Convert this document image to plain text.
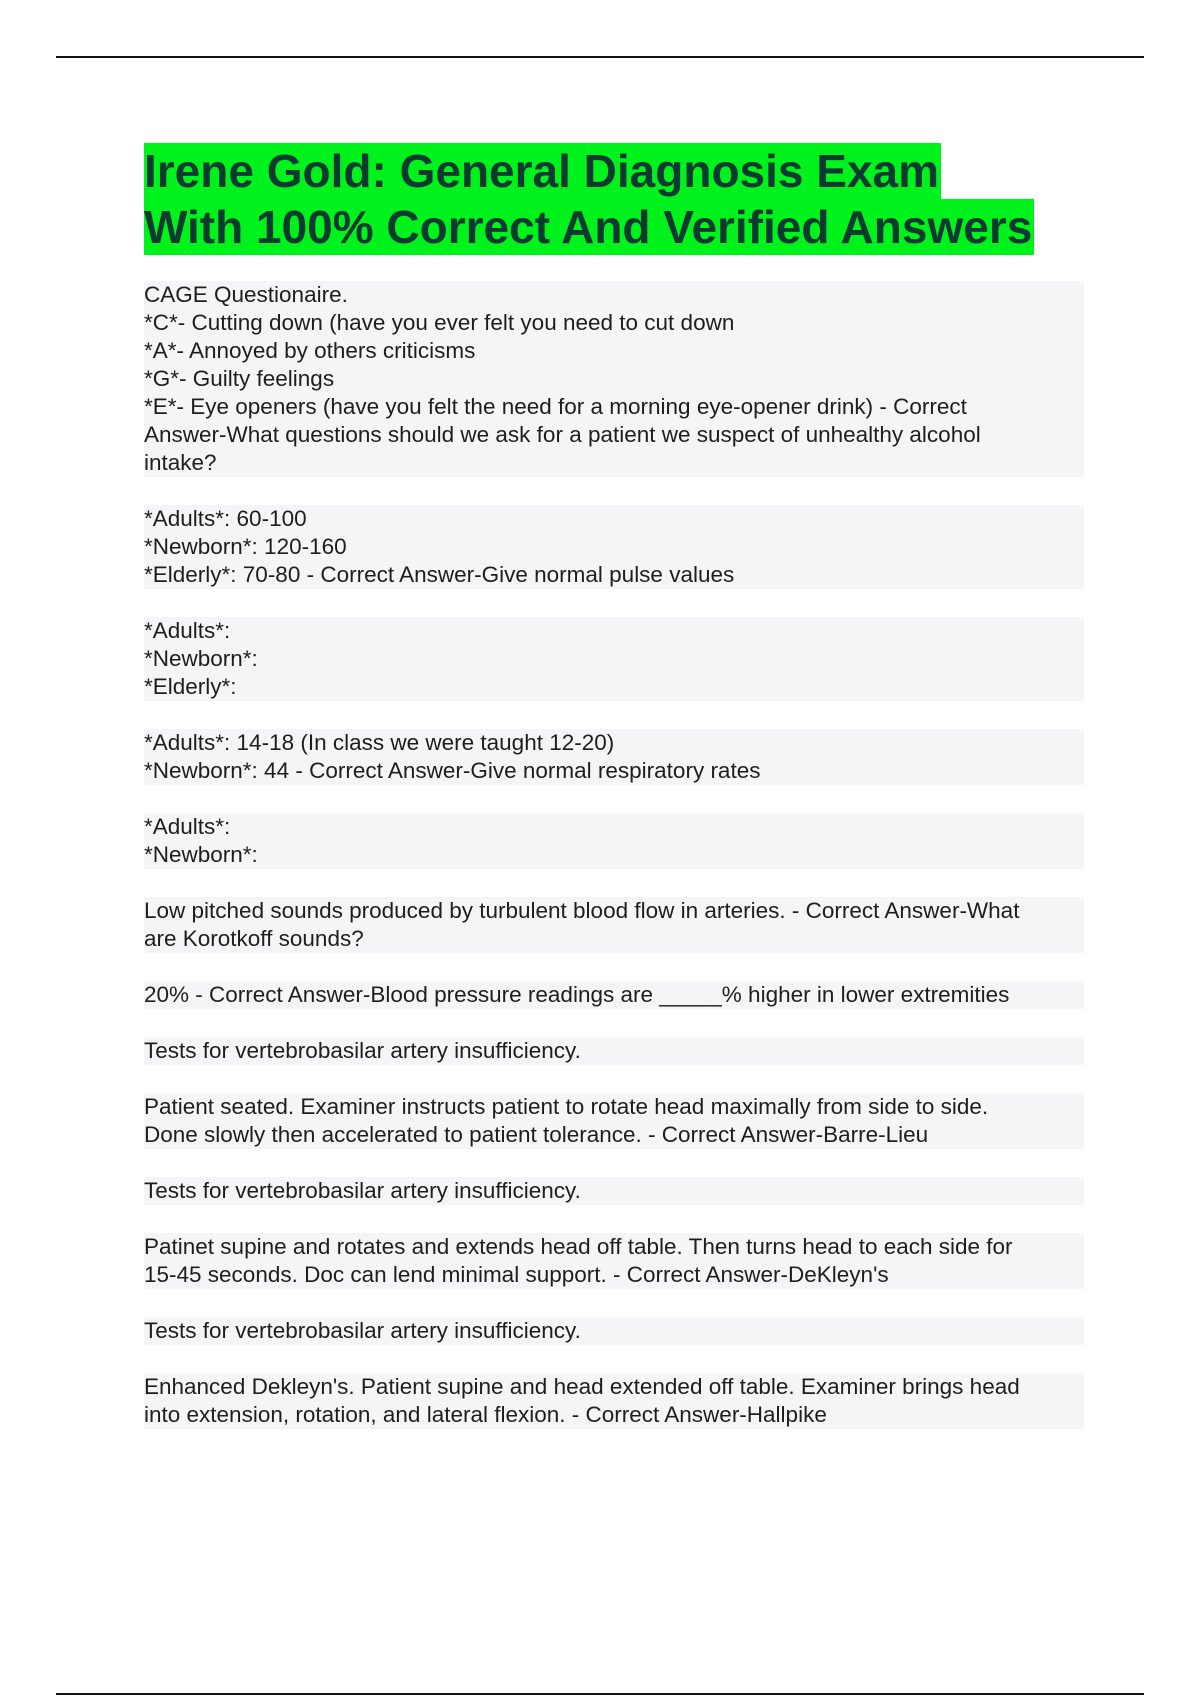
Irene Gold: General Diagnosis Exam
With 100% Correct And Verified Answers
CAGE Questionaire.
*C*- Cutting down (have you ever felt you need to cut down
*A*- Annoyed by others criticisms
*G*- Guilty feelings
*E*- Eye openers (have you felt the need for a morning eye-opener drink) - Correct
Answer-What questions should we ask for a patient we suspect of unhealthy alcohol
intake?
*Adults*: 60-100
*Newborn*: 120-160
*Elderly*: 70-80 - Correct Answer-Give normal pulse values
*Adults*:
*Newborn*:
*Elderly*:
*Adults*: 14-18 (In class we were taught 12-20)
*Newborn*: 44 - Correct Answer-Give normal respiratory rates
*Adults*:
*Newborn*:
Low pitched sounds produced by turbulent blood flow in arteries. - Correct Answer-What
are Korotkoff sounds?
20% - Correct Answer-Blood pressure readings are _____% higher in lower extremities
Tests for vertebrobasilar artery insufficiency.
Patient seated. Examiner instructs patient to rotate head maximally from side to side.
Done slowly then accelerated to patient tolerance. - Correct Answer-Barre-Lieu
Tests for vertebrobasilar artery insufficiency.
Patinet supine and rotates and extends head off table. Then turns head to each side for
15-45 seconds. Doc can lend minimal support. - Correct Answer-DeKleyn's
Tests for vertebrobasilar artery insufficiency.
Enhanced Dekleyn's. Patient supine and head extended off table. Examiner brings head
into extension, rotation, and lateral flexion. - Correct Answer-Hallpike
